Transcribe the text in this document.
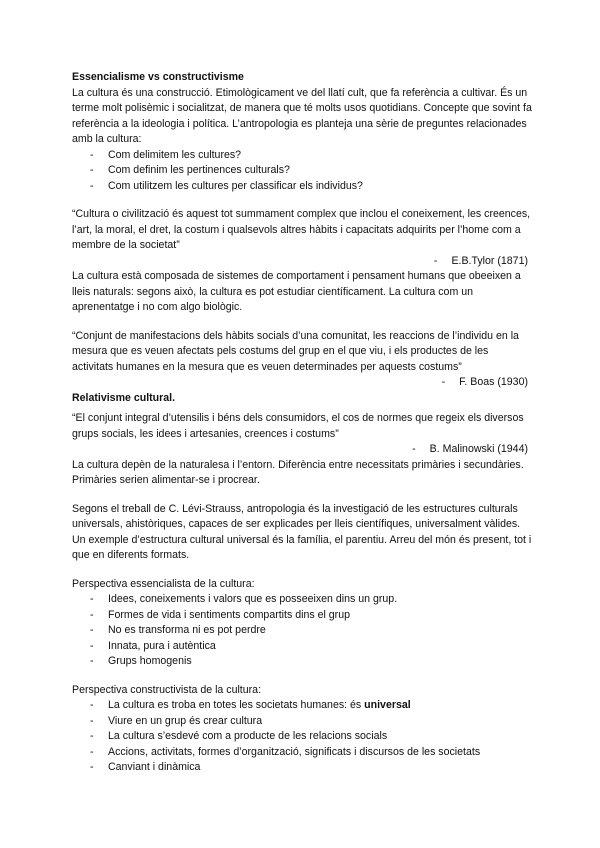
Essencialisme vs constructivisme

La cultura és una construcció. Etimològicament ve del llatí cult, que fa referència a cultivar. És un terme molt polisèmic i socialitzat, de manera que té molts usos quotidians. Concepte que sovint fa referència a la ideologia i política. L’antropologia es planteja una sèrie de preguntes relacionades amb la cultura:

- Com delimitem les cultures?
- Com definim les pertinences culturals?
- Com utilitzem les cultures per classificar els individus?

“Cultura o civilització és aquest tot summament complex que inclou el coneixement, les creences, l’art, la moral, el dret, la costum i qualsevols altres hàbits i capacitats adquirits per l’home com a membre de la societat”

- E.B.Tylor (1871)

La cultura està composada de sistemes de comportament i pensament humans que obeeixen a lleis naturals: segons això, la cultura es pot estudiar científicament. La cultura com un aprenentatge i no com algo biològic.

“Conjunt de manifestacions dels hàbits socials d’una comunitat, les reaccions de l’individu en la mesura que es veuen afectats pels costums del grup en el que viu, i els productes de les activitats humanes en la mesura que es veuen determinades per aquests costums”

- F. Boas (1930)

Relativisme cultural.

“El conjunt integral d’utensilis i béns dels consumidors, el cos de normes que regeix els diversos grups socials, les idees i artesanies, creences i costums”

- B. Malinowski (1944)

La cultura depèn de la naturalesa i l’entorn. Diferència entre necessitats primàries i secundàries. Primàries serien alimentar-se i procrear.

Segons el treball de C. Lévi-Strauss, antropologia és la investigació de les estructures culturals universals, ahistòriques, capaces de ser explicades per lleis científiques, universalment vàlides.

Un exemple d’estructura cultural universal és la família, el parentiu. Arreu del món és present, tot i que en diferents formats.

Perspectiva essencialista de la cultura:

- Idees, coneixements i valors que es posseeixen dins un grup.
- Formes de vida i sentiments compartits dins el grup
- No es transforma ni es pot perdre
- Innata, pura i autèntica
- Grups homogenis

Perspectiva constructivista de la cultura:

- La cultura es troba en totes les societats humanes: és universal
- Viure en un grup és crear cultura
- La cultura s’esdevé com a producte de les relacions socials
- Accions, activitats, formes d’organització, significats i discursos de les societats
- Canviant i dinàmica
